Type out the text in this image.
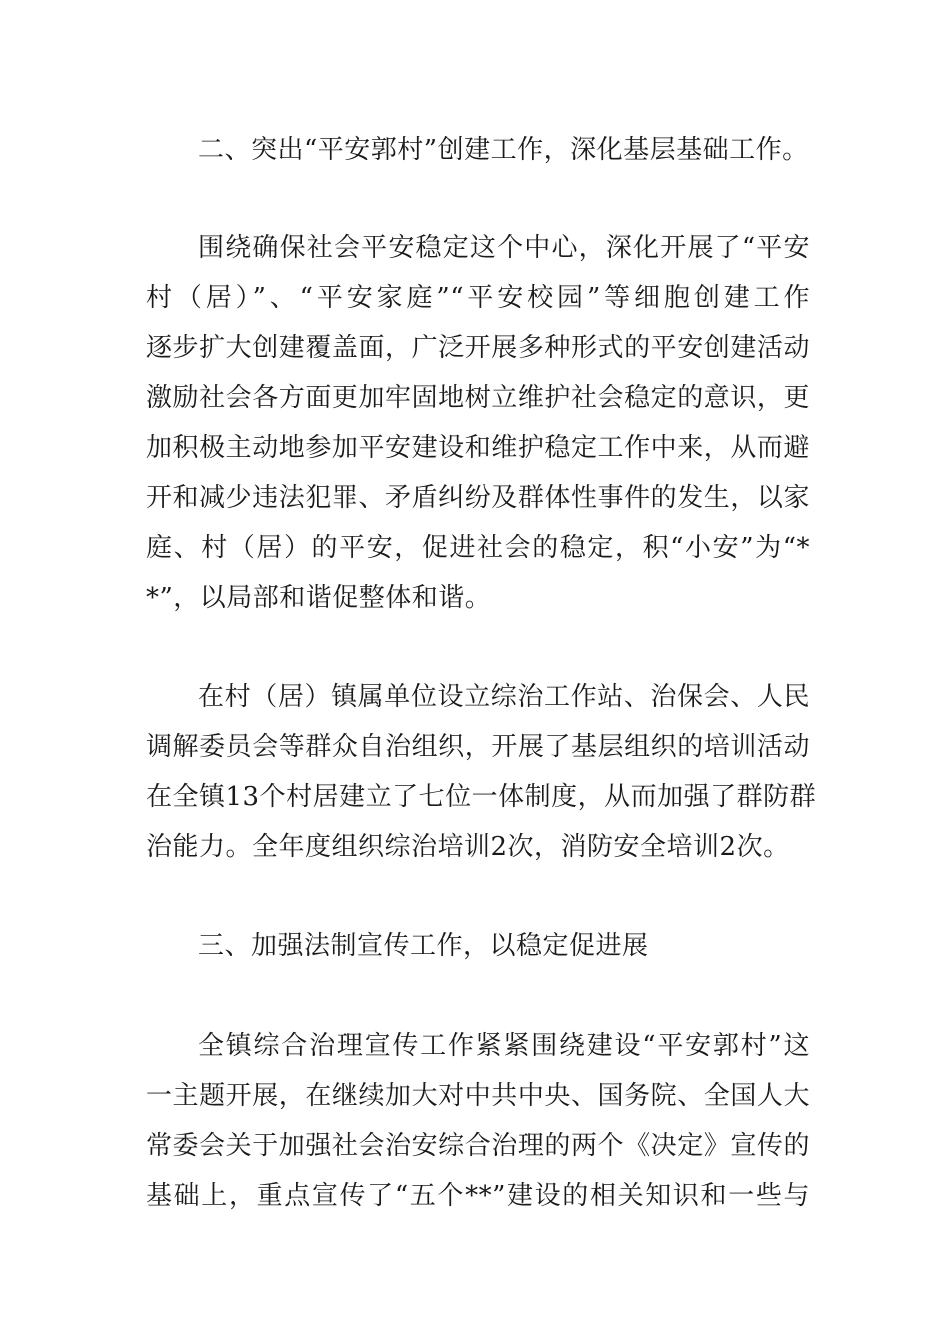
二、突出“平安郭村”创建工作，深化基层基础工作。
围绕确保社会平安稳定这个中心，深化开展了“平安
村（居）”、“平安家庭”“平安校园”等细胞创建工作
逐步扩大创建覆盖面，广泛开展多种形式的平安创建活动
激励社会各方面更加牢固地树立维护社会稳定的意识，更
加积极主动地参加平安建设和维护稳定工作中来，从而避
开和减少违法犯罪、矛盾纠纷及群体性事件的发生，以家
庭、村（居）的平安，促进社会的稳定，积“小安”为“*
*”，以局部和谐促整体和谐。
在村（居）镇属单位设立综治工作站、治保会、人民
调解委员会等群众自治组织，开展了基层组织的培训活动
在全镇13个村居建立了七位一体制度，从而加强了群防群
治能力。全年度组织综治培训2次，消防安全培训2次。
三、加强法制宣传工作，以稳定促进展
全镇综合治理宣传工作紧紧围绕建设“平安郭村”这
一主题开展，在继续加大对中共中央、国务院、全国人大
常委会关于加强社会治安综合治理的两个《决定》宣传的
基础上，重点宣传了“五个**”建设的相关知识和一些与
